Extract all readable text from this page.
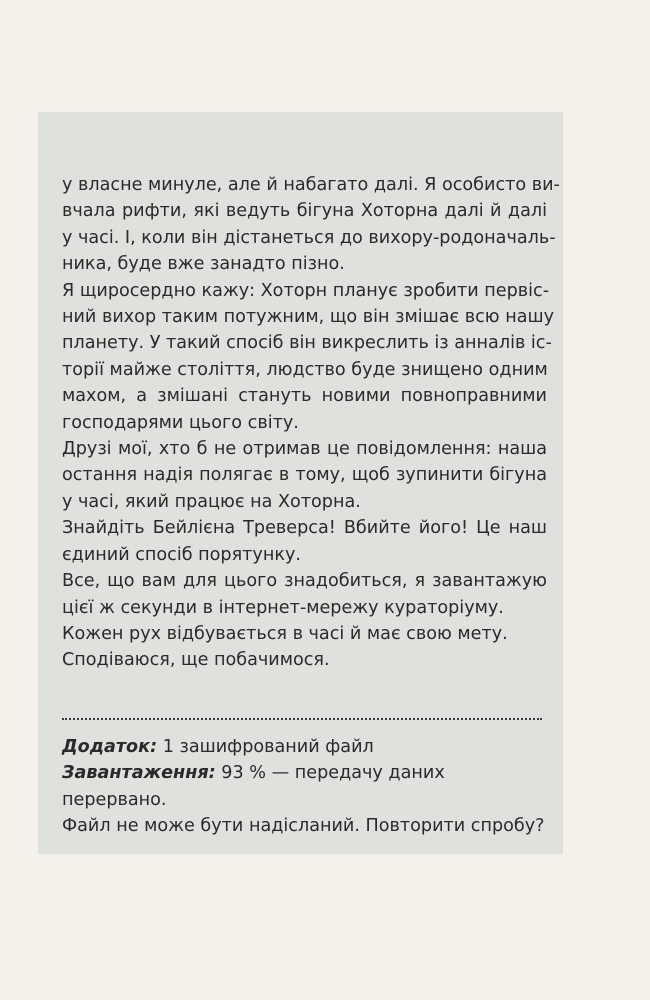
у власне минуле, але й набагато далі. Я особисто ви-
вчала рифти, які ведуть бігуна Хоторна далі й далі
у часі. І, коли він дістанеться до вихору-родоначаль-
ника, буде вже занадто пізно.

Я щиросердно кажу: Хоторн планує зробити первіс-
ний вихор таким потужним, що він змішає всю нашу
планету. У такий спосіб він викреслить із анналів іс-
торії майже століття, людство буде знищено одним
махом, а змішані стануть новими повноправними
господарями цього світу.

Друзі мої, хто б не отримав це повідомлення: наша
остання надія полягає в тому, щоб зупинити бігуна
у часі, який працює на Хоторна.

Знайдіть Бейлієна Треверса! Вбийте його! Це наш
єдиний спосіб порятунку.

Все, що вам для цього знадобиться, я завантажую
цієї ж секунди в інтернет-мережу кураторіуму.

Кожен рух відбувається в часі й має свою мету.

Сподіваюся, ще побачимося.

Додаток: 1 зашифрований файл
Завантаження: 93 % — передачу даних перервано.
Файл не може бути надісланий. Повторити спробу?
